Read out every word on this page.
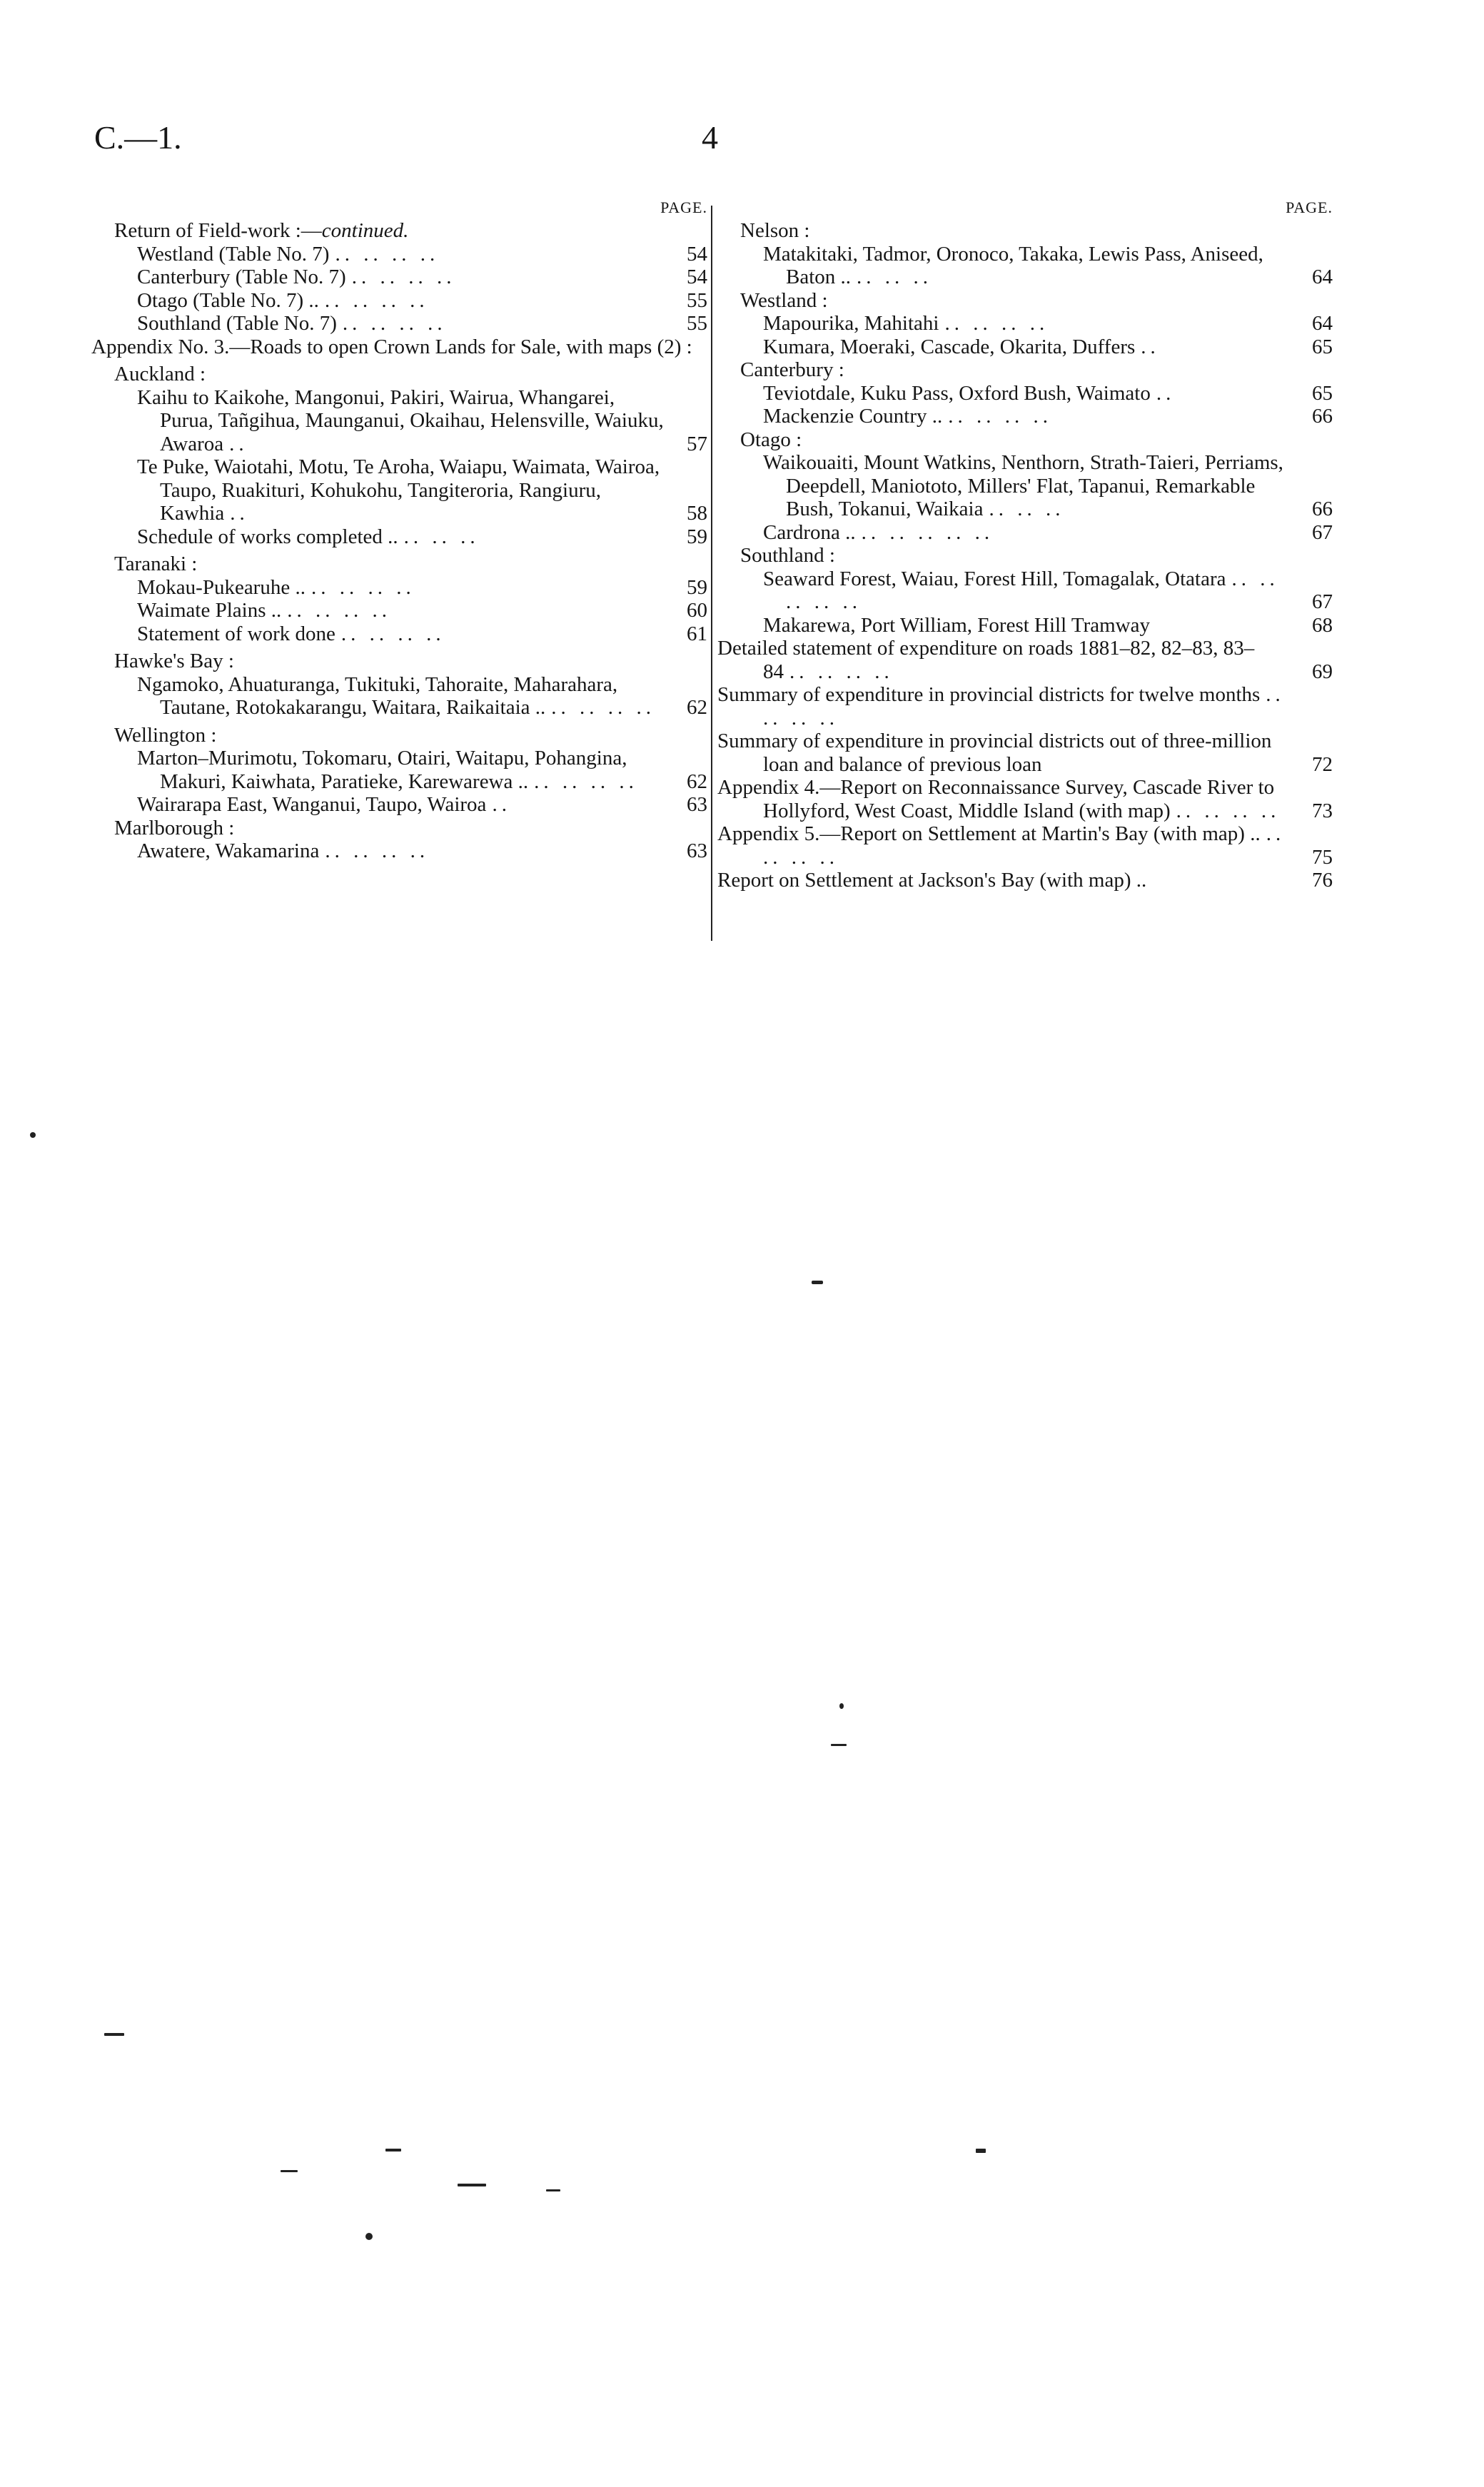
C.—1.	4
PAGE.
Return of Field-work :—continued.
Westland (Table No. 7) .. .. .. ..	54
Canterbury (Table No. 7) .. .. .. ..	54
Otago (Table No. 7) .. .. .. .. ..	55
Southland (Table No. 7) .. .. .. ..	55
Appendix No. 3.—Roads to open Crown Lands for Sale, with maps (2) :
Auckland :
Kaihu to Kaikohe, Mangonui, Pakiri, Wairua, Whangarei, Purua, Tañgihua, Maunganui, Okaihau, Helensville, Waiuku, Awaroa ..	57
Te Puke, Waiotahi, Motu, Te Aroha, Waiapu, Waimata, Wairoa, Taupo, Ruakituri, Kohukohu, Tangiteroria, Rangiuru, Kawhia ..	58
Schedule of works completed .. .. .. ..	59
Taranaki :
Mokau-Pukearuhe .. .. .. .. ..	59
Waimate Plains .. .. .. .. ..	60
Statement of work done .. .. .. ..	61
Hawke's Bay :
Ngamoko, Ahuaturanga, Tukituki, Tahoraite, Maharahara, Tautane, Rotokakarangu, Waitara, Raikaitaia .. .. .. .. ..	62
Wellington :
Marton–Murimotu, Tokomaru, Otairi, Waitapu, Pohangina, Makuri, Kaiwhata, Paratieke, Karewarewa .. .. .. .. ..	62
Wairarapa East, Wanganui, Taupo, Wairoa ..	63
Marlborough :
Awatere, Wakamarina .. .. .. ..	63
PAGE.
Nelson :
Matakitaki, Tadmor, Oronoco, Takaka, Lewis Pass, Aniseed, Baton .. .. .. ..	64
Westland :
Mapourika, Mahitahi .. .. .. ..	64
Kumara, Moeraki, Cascade, Okarita, Duffers ..	65
Canterbury :
Teviotdale, Kuku Pass, Oxford Bush, Waimato ..	65
Mackenzie Country .. .. .. .. ..	66
Otago :
Waikouaiti, Mount Watkins, Nenthorn, Strath-Taieri, Perriams, Deepdell, Maniototo, Millers' Flat, Tapanui, Remarkable Bush, Tokanui, Waikaia .. .. ..	66
Cardrona .. .. .. .. .. ..	67
Southland :
Seaward Forest, Waiau, Forest Hill, Tomagalak, Otatara .. .. .. .. ..	67
Makarewa, Port William, Forest Hill Tramway	68
Detailed statement of expenditure on roads 1881–82, 82–83, 83–84 .. .. .. ..	69
Summary of expenditure in provincial districts for twelve months .. .. .. ..
Summary of expenditure in provincial districts out of three-million loan and balance of previous loan	72
Appendix 4.—Report on Reconnaissance Survey, Cascade River to Hollyford, West Coast, Middle Island (with map) .. .. .. ..	73
Appendix 5.—Report on Settlement at Martin's Bay (with map) .. .. .. .. ..	75
Report on Settlement at Jackson's Bay (with map) ..	76
